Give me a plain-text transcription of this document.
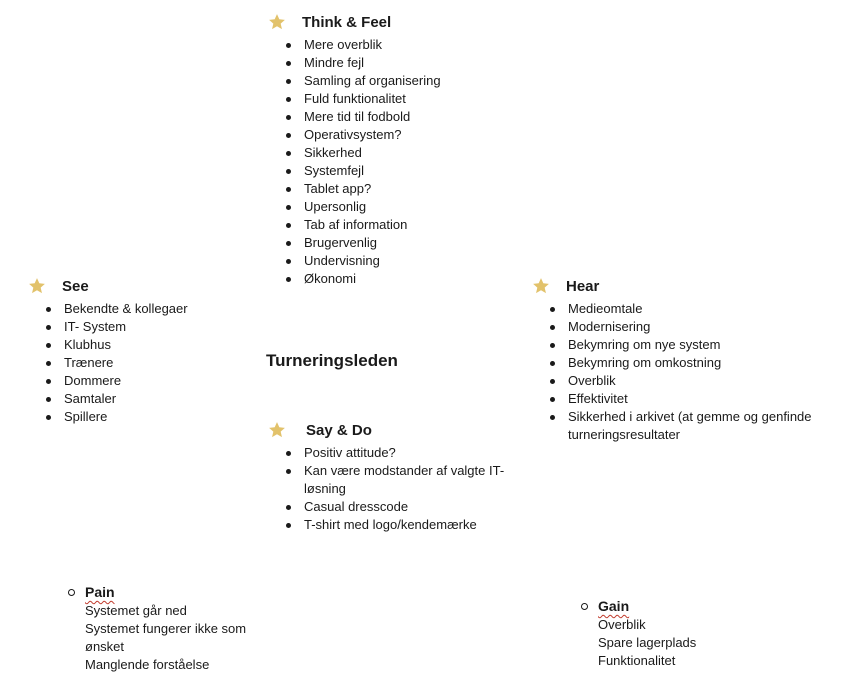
Think & Feel
Mere overblik
Mindre fejl
Samling af organisering
Fuld funktionalitet
Mere tid til fodbold
Operativsystem?
Sikkerhed
Systemfejl
Tablet app?
Upersonlig
Tab af information
Brugervenlig
Undervisning
Økonomi
See
Bekendte & kollegaer
IT- System
Klubhus
Trænere
Dommere
Samtaler
Spillere
Hear
Medieomtale
Modernisering
Bekymring om nye system
Bekymring om omkostning
Overblik
Effektivitet
Sikkerhed i arkivet (at gemme og genfinde
turneringsresultater
Turneringsleden
Say & Do
Positiv attitude?
Kan være modstander af valgte IT-
løsning
Casual dresscode
T-shirt med logo/kendemærke
Pain
Systemet går ned
Systemet fungerer ikke som
ønsket
Manglende forståelse
Gain
Overblik
Spare lagerplads
Funktionalitet
